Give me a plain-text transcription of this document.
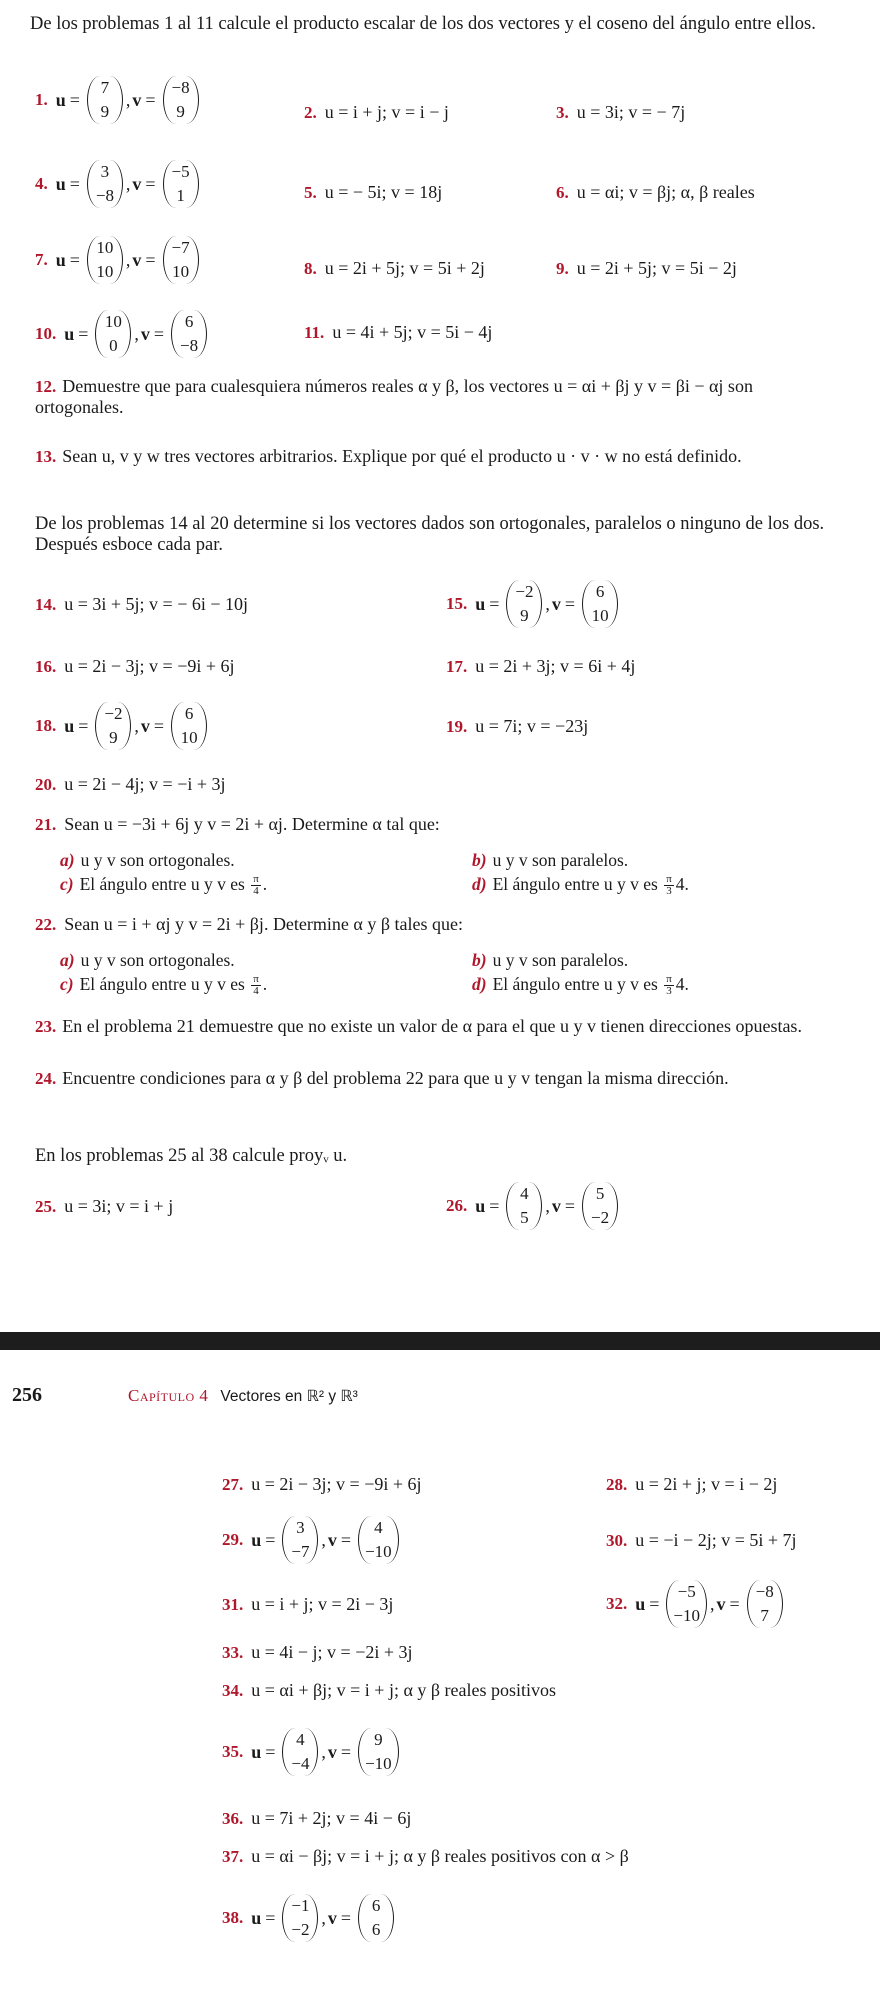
De los problemas 1 al 11 calcule el producto escalar de los dos vectores y el coseno del ángulo entre ellos.
1. u =
7
9
, v =
−8
9	2. u = i + j; v = i − j	3. u = 3i; v = − 7j
4. u =
3
−8
, v =
−5
1	5. u = − 5i; v = 18j	6. u = αi; v = βj; α, β reales
7. u =
10
10
, v =
−7
10	8. u = 2i + 5j; v = 5i + 2j	9. u = 2i + 5j; v = 5i − 2j
10. u =
10
0
, v =
6
−8
11. u = 4i + 5j; v = 5i − 4j
12. Demuestre que para cualesquiera números reales α y β, los vectores u = αi + βj y v = βi − αj son ortogonales.
13. Sean u, v y w tres vectores arbitrarios. Explique por qué el producto u · v · w no está definido.
De los problemas 14 al 20 determine si los vectores dados son ortogonales, paralelos o ninguno de los dos. Después esboce cada par.
14. u = 3i + 5j; v = − 6i − 10j	15. u =
−2
9
, v =
6
10
16. u = 2i − 3j; v = −9i + 6j	17. u = 2i + 3j; v = 6i + 4j
18. u =
−2
9
, v =
6
10
19. u = 7i; v = −23j
20. u = 2i − 4j; v = −i + 3j
21. Sean u = −3i + 6j y v = 2i + αj. Determine α tal que:
a) u y v son ortogonales.	b) u y v son paralelos.
c) El ángulo entre u y v es $\frac{\pi}{4}$ .	d) El ángulo entre u y v es $\frac{\pi}{3} 4$.
22. Sean u = i + αj y v = 2i + βj. Determine α y β tales que:
a) u y v son ortogonales.	b) u y v son paralelos.
c) El ángulo entre u y v es $\frac{\pi}{4}$ .	d) El ángulo entre u y v es $\frac{\pi}{3} 4$.
23. En el problema 21 demuestre que no existe un valor de α para el que u y v tienen direcciones opuestas.
24. Encuentre condiciones para α y β del problema 22 para que u y v tengan la misma dirección.
En los problemas 25 al 38 calcule proyᵥ u.
25. u = 3i; v = i + j	26. u =
4
5
, v =
5
−2
256	Capítulo 4 Vectores en ℝ² y ℝ³
27. u = 2i − 3j; v = −9i + 6j	28. u = 2i + j; v = i − 2j
29. u =
3
−7
, v =
4
−10
30. u = −i − 2j; v = 5i + 7j
31. u = i + j; v = 2i − 3j	32. u =
−5
−10
, v =
−8
7
33. u = 4i − j; v = −2i + 3j
34. u = αi + βj; v = i + j; α y β reales positivos
35. u =
4
−4
, v =
9
−10
36. u = 7i + 2j; v = 4i − 6j
37. u = αi − βj; v = i + j; α y β reales positivos con α > β
38. u =
−1
−2
, v =
6
6
